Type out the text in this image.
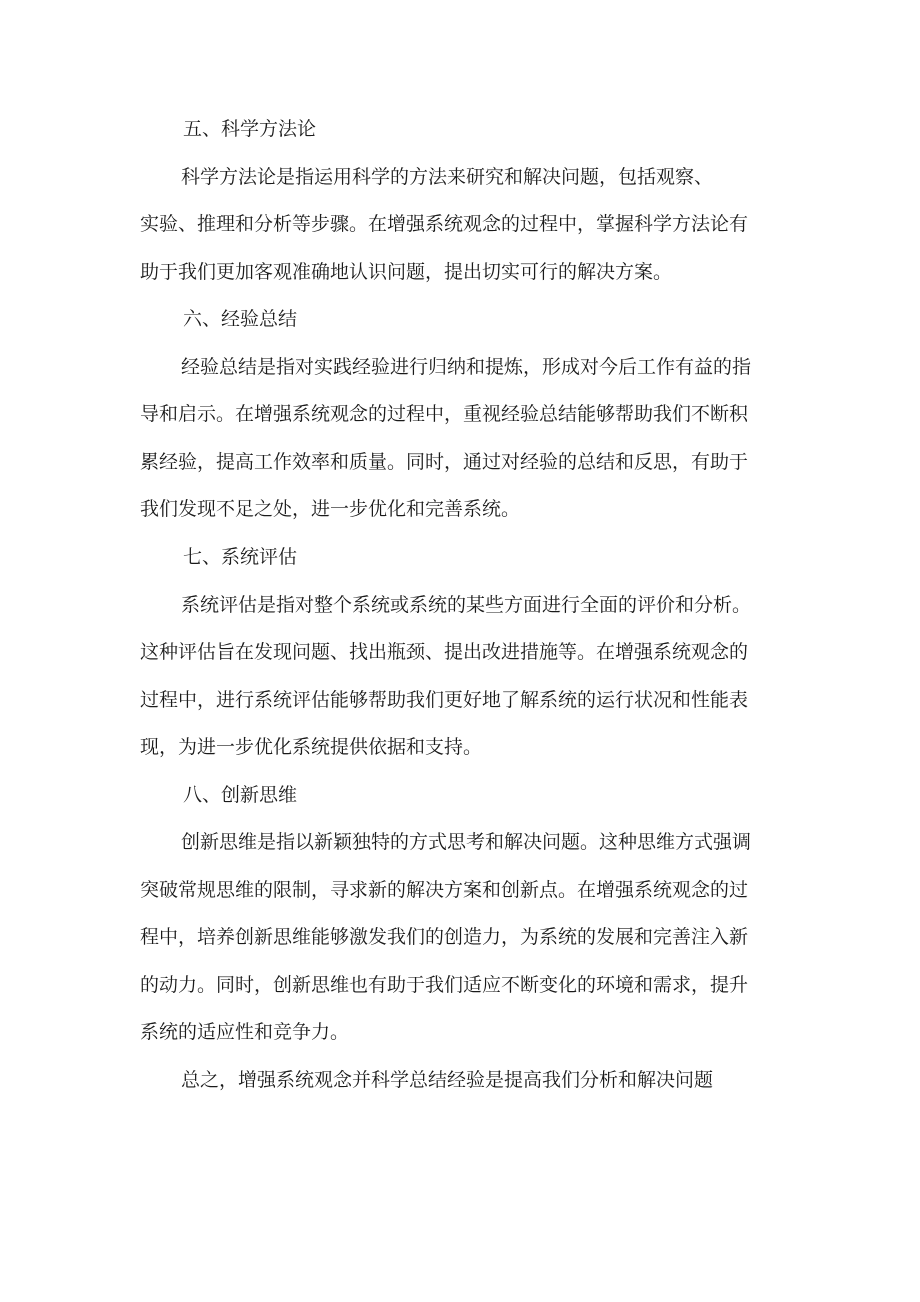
五、科学方法论
科学方法论是指运用科学的方法来研究和解决问题，包括观察、
实验、推理和分析等步骤。在增强系统观念的过程中，掌握科学方法论有
助于我们更加客观准确地认识问题，提出切实可行的解决方案。
六、经验总结
经验总结是指对实践经验进行归纳和提炼，形成对今后工作有益的指
导和启示。在增强系统观念的过程中，重视经验总结能够帮助我们不断积
累经验，提高工作效率和质量。同时，通过对经验的总结和反思，有助于
我们发现不足之处，进一步优化和完善系统。
七、系统评估
系统评估是指对整个系统或系统的某些方面进行全面的评价和分析。
这种评估旨在发现问题、找出瓶颈、提出改进措施等。在增强系统观念的
过程中，进行系统评估能够帮助我们更好地了解系统的运行状况和性能表
现，为进一步优化系统提供依据和支持。
八、创新思维
创新思维是指以新颖独特的方式思考和解决问题。这种思维方式强调
突破常规思维的限制，寻求新的解决方案和创新点。在增强系统观念的过
程中，培养创新思维能够激发我们的创造力，为系统的发展和完善注入新
的动力。同时，创新思维也有助于我们适应不断变化的环境和需求，提升
系统的适应性和竞争力。
总之，增强系统观念并科学总结经验是提高我们分析和解决问题
